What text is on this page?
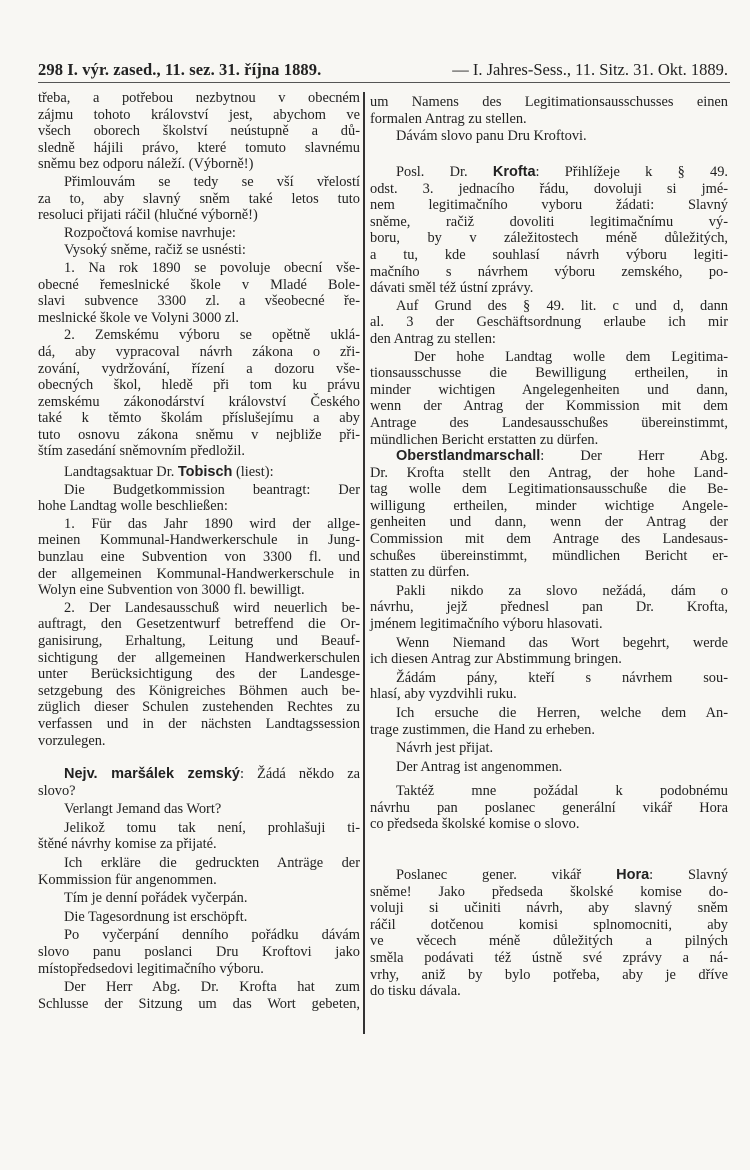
298 I. výr. zased., 11. sez. 31. října 1889.	— I. Jahres-Sess., 11. Sitz. 31. Okt. 1889.
třeba, a potřebou nezbytnou v obecném
zájmu tohoto království jest, abychom ve
všech oborech školství neústupně a dů-
sledně hájili právo, které tomuto slavnému
sněmu bez odporu náleží. (Výborně!)
Přimlouvám se tedy se vší vřelostí
za to, aby slavný sněm také letos tuto
resoluci přijati ráčil (hlučné výborně!)
Rozpočtová komise navrhuje:
Vysoký sněme, račiž se usnésti:
1. Na rok 1890 se povoluje obecní vše-
obecné řemeslnické škole v Mladé Bole-
slavi subvence 3300 zl. a všeobecné ře-
meslnické škole ve Volyni 3000 zl.
2. Zemskému výboru se opětně uklá-
dá, aby vypracoval návrh zákona o zři-
zování, vydržování, řízení a dozoru vše-
obecných škol, hledě při tom ku právu
zemskému zákonodárství království Českého
také k těmto školám příslušejímu a aby
tuto osnovu zákona sněmu v nejbliže při-
štím zasedání sněmovním předložil.
Landtagsaktuar Dr. Tobisch (liest):
Die Budgetkommission beantragt: Der
hohe Landtag wolle beschließen:
1. Für das Jahr 1890 wird der allge-
meinen Kommunal-Handwerkerschule in Jung-
bunzlau eine Subvention von 3300 fl. und
der allgemeinen Kommunal-Handwerkerschule in
Wolyn eine Subvention von 3000 fl. bewilligt.
2. Der Landesausschuß wird neuerlich be-
auftragt, den Gesetzentwurf betreffend die Or-
ganisirung, Erhaltung, Leitung und Beauf-
sichtigung der allgemeinen Handwerkerschulen
unter Berücksichtigung des der Landesge-
setzgebung des Königreiches Böhmen auch be-
züglich dieser Schulen zustehenden Rechtes zu
verfassen und in der nächsten Landtagssession
vorzulegen.
Nejv. maršálek zemský: Žádá někdo za
slovo?
Verlangt Jemand das Wort?
Jelikož tomu tak není, prohlašuji ti-
štěné návrhy komise za přijaté.
Ich erkläre die gedruckten Anträge der
Kommission für angenommen.
Tím je denní pořádek vyčerpán.
Die Tagesordnung ist erschöpft.
Po vyčerpání denního pořádku dávám
slovo panu poslanci Dru Kroftovi jako
místopředsedovi legitimačního výboru.
Der Herr Abg. Dr. Krofta hat zum
Schlusse der Sitzung um das Wort gebeten,
um Namens des Legitimationsausschusses einen
formalen Antrag zu stellen.
Dávám slovo panu Dru Kroftovi.
Posl. Dr. Krofta: Přihlížeje k § 49.
odst. 3. jednacího řádu, dovoluji si jmé-
nem legitimačního vyboru žádati: Slavný
sněme, račiž dovoliti legitimačnímu vý-
boru, by v záležitostech méně důležitých,
a tu, kde souhlasí návrh výboru legiti-
mačního s návrhem výboru zemského, po-
dávati směl též ústní zprávy.
Auf Grund des § 49. lit. c und d, dann
al. 3 der Geschäftsordnung erlaube ich mir
den Antrag zu stellen:
Der hohe Landtag wolle dem Legitima-
tionsausschusse die Bewilligung ertheilen, in
minder wichtigen Angelegenheiten und dann,
wenn der Antrag der Kommission mit dem
Antrage des Landesausschußes übereinstimmt,
mündlichen Bericht erstatten zu dürfen.
Oberstlandmarschall: Der Herr Abg.
Dr. Krofta stellt den Antrag, der hohe Land-
tag wolle dem Legitimationsausschuße die Be-
willigung ertheilen, minder wichtige Angele-
genheiten und dann, wenn der Antrag der
Commission mit dem Antrage des Landesaus-
schußes übereinstimmt, mündlichen Bericht er-
statten zu dürfen.
Pakli nikdo za slovo nežádá, dám o
návrhu, jejž přednesl pan Dr. Krofta,
jménem legitimačního výboru hlasovati.
Wenn Niemand das Wort begehrt, werde
ich diesen Antrag zur Abstimmung bringen.
Žádám pány, kteří s návrhem sou-
hlasí, aby vyzdvihli ruku.
Ich ersuche die Herren, welche dem An-
trage zustimmen, die Hand zu erheben.
Návrh jest přijat.
Der Antrag ist angenommen.
Taktéž mne požádal k podobnému
návrhu pan poslanec generální vikář Hora
co předseda školské komise o slovo.
Poslanec gener. vikář Hora: Slavný
sněme! Jako předseda školské komise do-
voluji si učiniti návrh, aby slavný sněm
ráčil dotčenou komisi splnomocniti, aby
ve věcech méně důležitých a pilných
směla podávati též ústně své zprávy a ná-
vrhy, aniž by bylo potřeba, aby je dříve
do tisku dávala.
